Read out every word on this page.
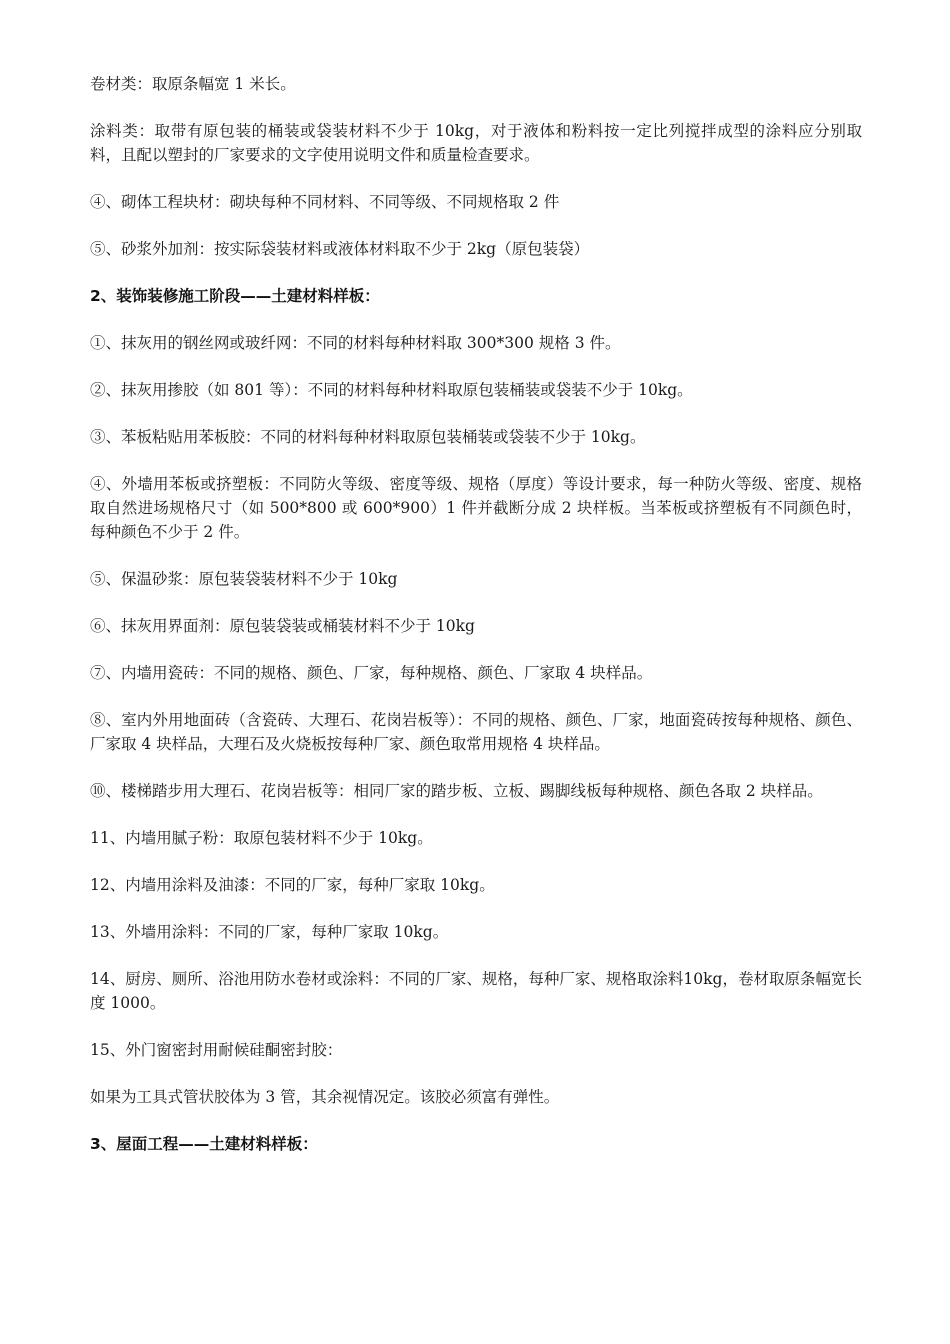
卷材类：取原条幅宽 1 米长。

涂料类：取带有原包装的桶装或袋装材料不少于 10kg，对于液体和粉料按一定比列搅拌成型的涂料应分别取料，且配以塑封的厂家要求的文字使用说明文件和质量检查要求。

④、砌体工程块材：砌块每种不同材料、不同等级、不同规格取 2 件

⑤、砂浆外加剂：按实际袋装材料或液体材料取不少于 2kg（原包装袋）

2、装饰装修施工阶段——土建材料样板：

①、抹灰用的钢丝网或玻纤网：不同的材料每种材料取 300*300 规格 3 件。

②、抹灰用掺胶（如 801 等）：不同的材料每种材料取原包装桶装或袋装不少于 10kg。

③、苯板粘贴用苯板胶：不同的材料每种材料取原包装桶装或袋装不少于 10kg。

④、外墙用苯板或挤塑板：不同防火等级、密度等级、规格（厚度）等设计要求，每一种防火等级、密度、规格取自然进场规格尺寸（如 500*800 或 600*900）1 件并截断分成 2 块样板。当苯板或挤塑板有不同颜色时，每种颜色不少于 2 件。

⑤、保温砂浆：原包装袋装材料不少于 10kg

⑥、抹灰用界面剂：原包装袋装或桶装材料不少于 10kg

⑦、内墙用瓷砖：不同的规格、颜色、厂家，每种规格、颜色、厂家取 4 块样品。

⑧、室内外用地面砖（含瓷砖、大理石、花岗岩板等）：不同的规格、颜色、厂家，地面瓷砖按每种规格、颜色、厂家取 4 块样品，大理石及火烧板按每种厂家、颜色取常用规格 4 块样品。

⑩、楼梯踏步用大理石、花岗岩板等：相同厂家的踏步板、立板、踢脚线板每种规格、颜色各取 2 块样品。

11、内墙用腻子粉：取原包装材料不少于 10kg。

12、内墙用涂料及油漆：不同的厂家，每种厂家取 10kg。

13、外墙用涂料：不同的厂家，每种厂家取 10kg。

14、厨房、厕所、浴池用防水卷材或涂料：不同的厂家、规格，每种厂家、规格取涂料10kg，卷材取原条幅宽长度 1000。

15、外门窗密封用耐候硅酮密封胶：

如果为工具式管状胶体为 3 管，其余视情况定。该胶必须富有弹性。

3、屋面工程——土建材料样板：
